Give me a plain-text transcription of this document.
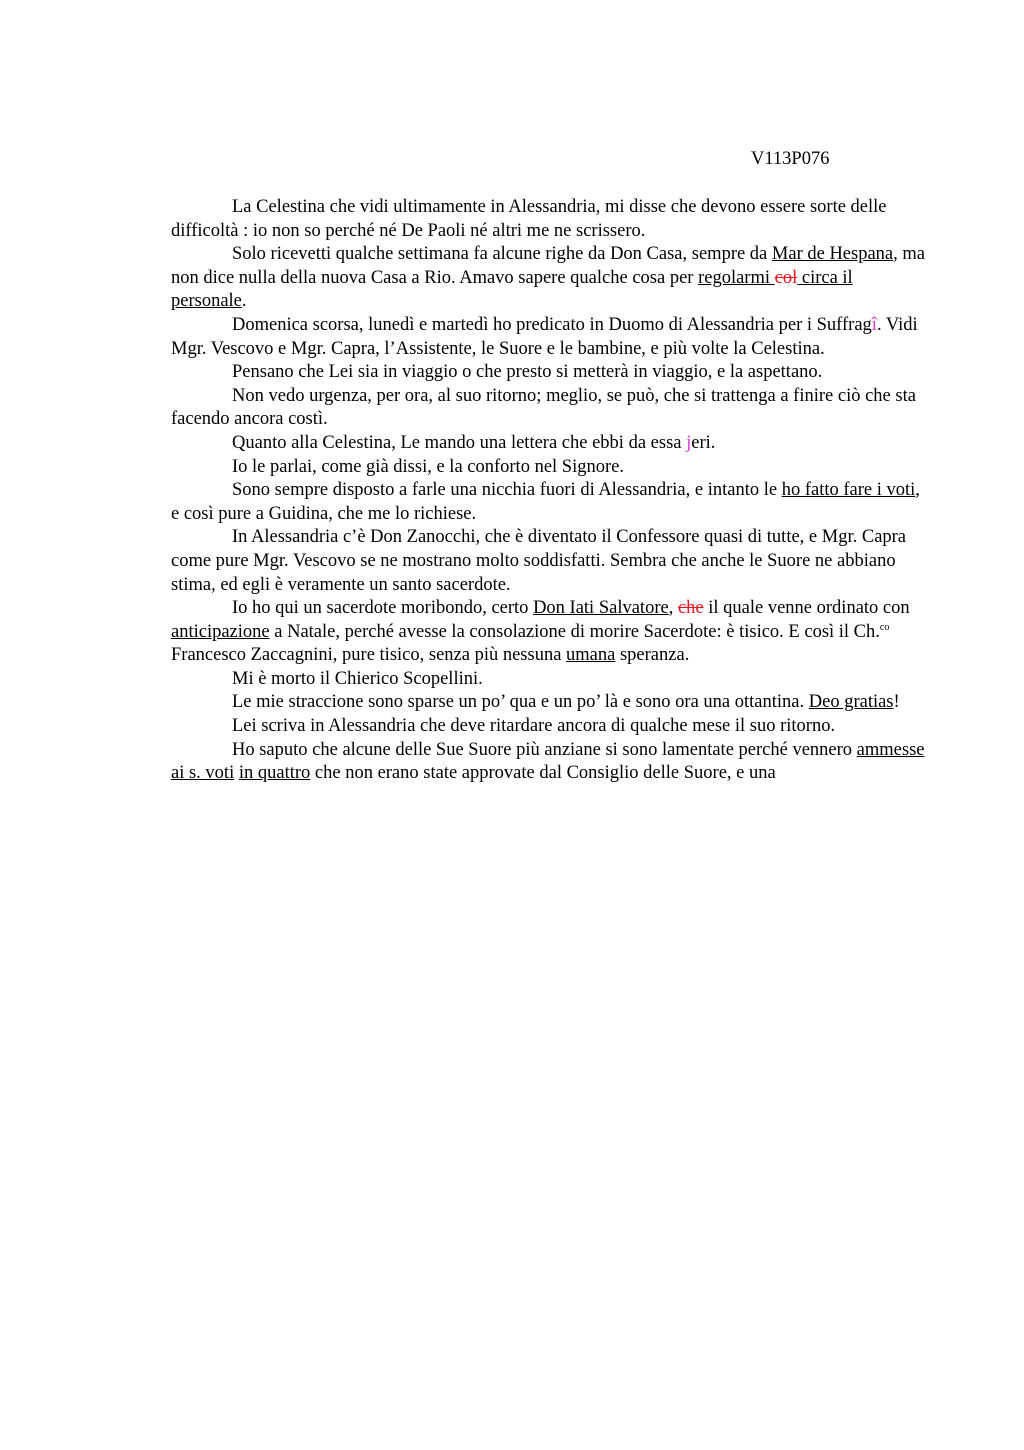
V113P076

La Celestina che vidi ultimamente in Alessandria, mi disse che devono essere sorte delle difficoltà : io non so perché né De Paoli né altri me ne scrissero.

Solo ricevetti qualche settimana fa alcune righe da Don Casa, sempre da Mar de Hespana, ma non dice nulla della nuova Casa a Rio. Amavo sapere qualche cosa per regolarmi col circa il personale.

Domenica scorsa, lunedì e martedì ho predicato in Duomo di Alessandria per i Suffragî. Vidi Mgr. Vescovo e Mgr. Capra, l’Assistente, le Suore e le bambine, e più volte la Celestina.

Pensano che Lei sia in viaggio o che presto si metterà in viaggio, e la aspettano.

Non vedo urgenza, per ora, al suo ritorno; meglio, se può, che si trattenga a finire ciò che sta facendo ancora costì.

Quanto alla Celestina, Le mando una lettera che ebbi da essa jeri.

Io le parlai, come già dissi, e la conforto nel Signore.

Sono sempre disposto a farle una nicchia fuori di Alessandria, e intanto le ho fatto fare i voti, e così pure a Guidina, che me lo richiese.

In Alessandria c’è Don Zanocchi, che è diventato il Confessore quasi di tutte, e Mgr. Capra come pure Mgr. Vescovo se ne mostrano molto soddisfatti. Sembra che anche le Suore ne abbiano stima, ed egli è veramente un santo sacerdote.

Io ho qui un sacerdote moribondo, certo Don Iati Salvatore, che il quale venne ordinato con anticipazione a Natale, perché avesse la consolazione di morire Sacerdote: è tisico. E così il Ch.$^{co}$ Francesco Zaccagnini, pure tisico, senza più nessuna umana speranza.

Mi è morto il Chierico Scopellini.

Le mie straccione sono sparse un po’ qua e un po’ là e sono ora una ottantina. Deo gratias!

Lei scriva in Alessandria che deve ritardare ancora di qualche mese il suo ritorno.

Ho saputo che alcune delle Sue Suore più anziane si sono lamentate perché vennero ammesse ai s. voti in quattro che non erano state approvate dal Consiglio delle Suore, e una
